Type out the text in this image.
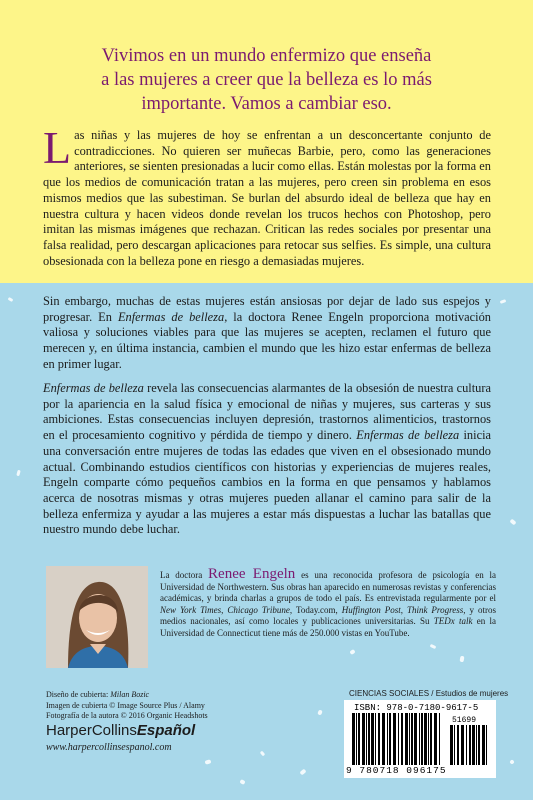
Vivimos en un mundo enfermizo que enseña
a las mujeres a creer que la belleza es lo más
importante. Vamos a cambiar eso.

Las niñas y las mujeres de hoy se enfrentan a un desconcertante conjunto de contradicciones. No quieren ser muñecas Barbie, pero, como las generaciones anteriores, se sienten presionadas a lucir como ellas. Están molestas por la forma en que los medios de comunicación tratan a las mujeres, pero creen sin problema en esos mismos medios que las subestiman. Se burlan del absurdo ideal de belleza que hay en nuestra cultura y hacen videos donde revelan los trucos hechos con Photoshop, pero imitan las mismas imágenes que rechazan. Critican las redes sociales por presentar una falsa realidad, pero descargan aplicaciones para retocar sus selfies. Es simple, una cultura obsesionada con la belleza pone en riesgo a demasiadas mujeres.

Sin embargo, muchas de estas mujeres están ansiosas por dejar de lado sus espejos y progresar. En Enfermas de belleza, la doctora Renee Engeln proporciona motivación valiosa y soluciones viables para que las mujeres se acepten, reclamen el futuro que merecen y, en última instancia, cambien el mundo que les hizo estar enfermas de belleza en primer lugar.

Enfermas de belleza revela las consecuencias alarmantes de la obsesión de nuestra cultura por la apariencia en la salud física y emocional de niñas y mujeres, sus carteras y sus ambiciones. Estas consecuencias incluyen depresión, trastornos alimenticios, trastornos en el procesamiento cognitivo y pérdida de tiempo y dinero. Enfermas de belleza inicia una conversación entre mujeres de todas las edades que viven en el obsesionado mundo actual. Combinando estudios científicos con historias y experiencias de mujeres reales, Engeln comparte cómo pequeños cambios en la forma en que pensamos y hablamos acerca de nosotras mismas y otras mujeres pueden allanar el camino para salir de la belleza enfermiza y ayudar a las mujeres a estar más dispuestas a luchar las batallas que nuestro mundo debe luchar.

La doctora Renee Engeln es una reconocida profesora de psicología en la Universidad de Northwestern. Sus obras han aparecido en numerosas revistas y conferencias académicas, y brinda charlas a grupos de todo el país. Es entrevistada regularmente por el New York Times, Chicago Tribune, Today.com, Huffington Post, Think Progress, y otros medios nacionales, así como locales y publicaciones universitarias. Su TEDx talk en la Universidad de Connecticut tiene más de 250.000 vistas en YouTube.

Diseño de cubierta: Milan Bozic
Imagen de cubierta © Image Source Plus / Alamy
Fotografía de la autora © 2016 Organic Headshots
HarperCollinsEspañol
www.harpercollinsespanol.com
CIENCIAS SOCIALES / Estudios de mujeres
ISBN: 978-0-7180-9617-5
51699
9 780718 096175
